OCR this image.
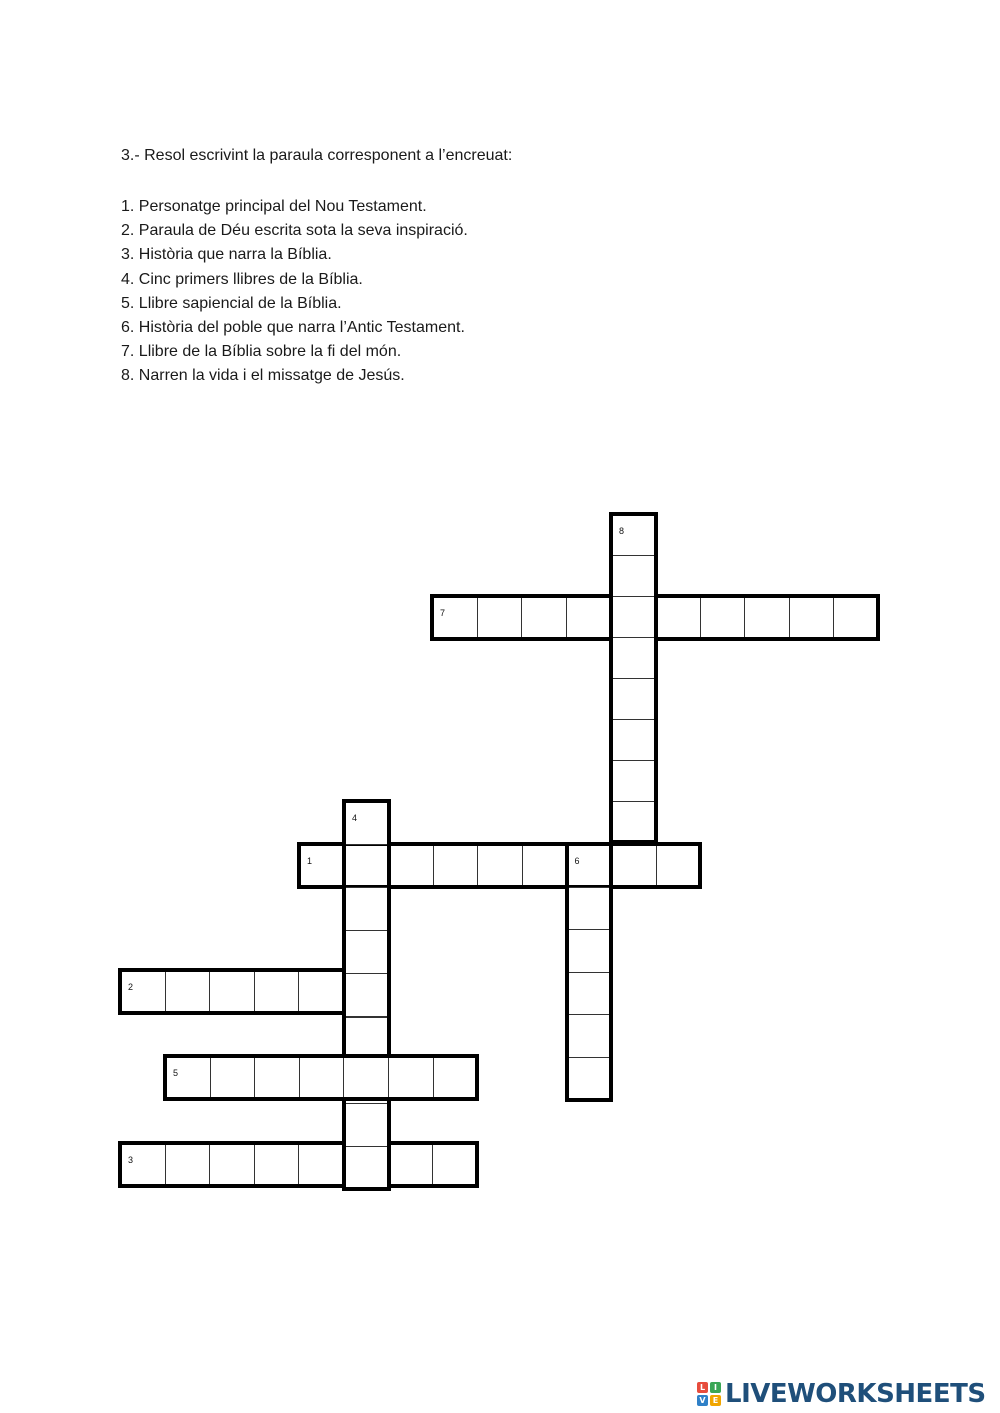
3.- Resol escrivint la paraula corresponent a l’encreuat:
1. Personatge principal del Nou Testament.
2. Paraula de Déu escrita sota la seva inspiració.
3. Història que narra la Bíblia.
4. Cinc primers llibres de la Bíblia.
5. Llibre sapiencial de la Bíblia.
6. Història del poble que narra l’Antic Testament.
7. Llibre de la Bíblia sobre la fi del món.
8. Narren la vida i el missatge de Jesús.
1
2
3
4
5
6
7
8
L	I
V E LIVEWORKSHEETS
